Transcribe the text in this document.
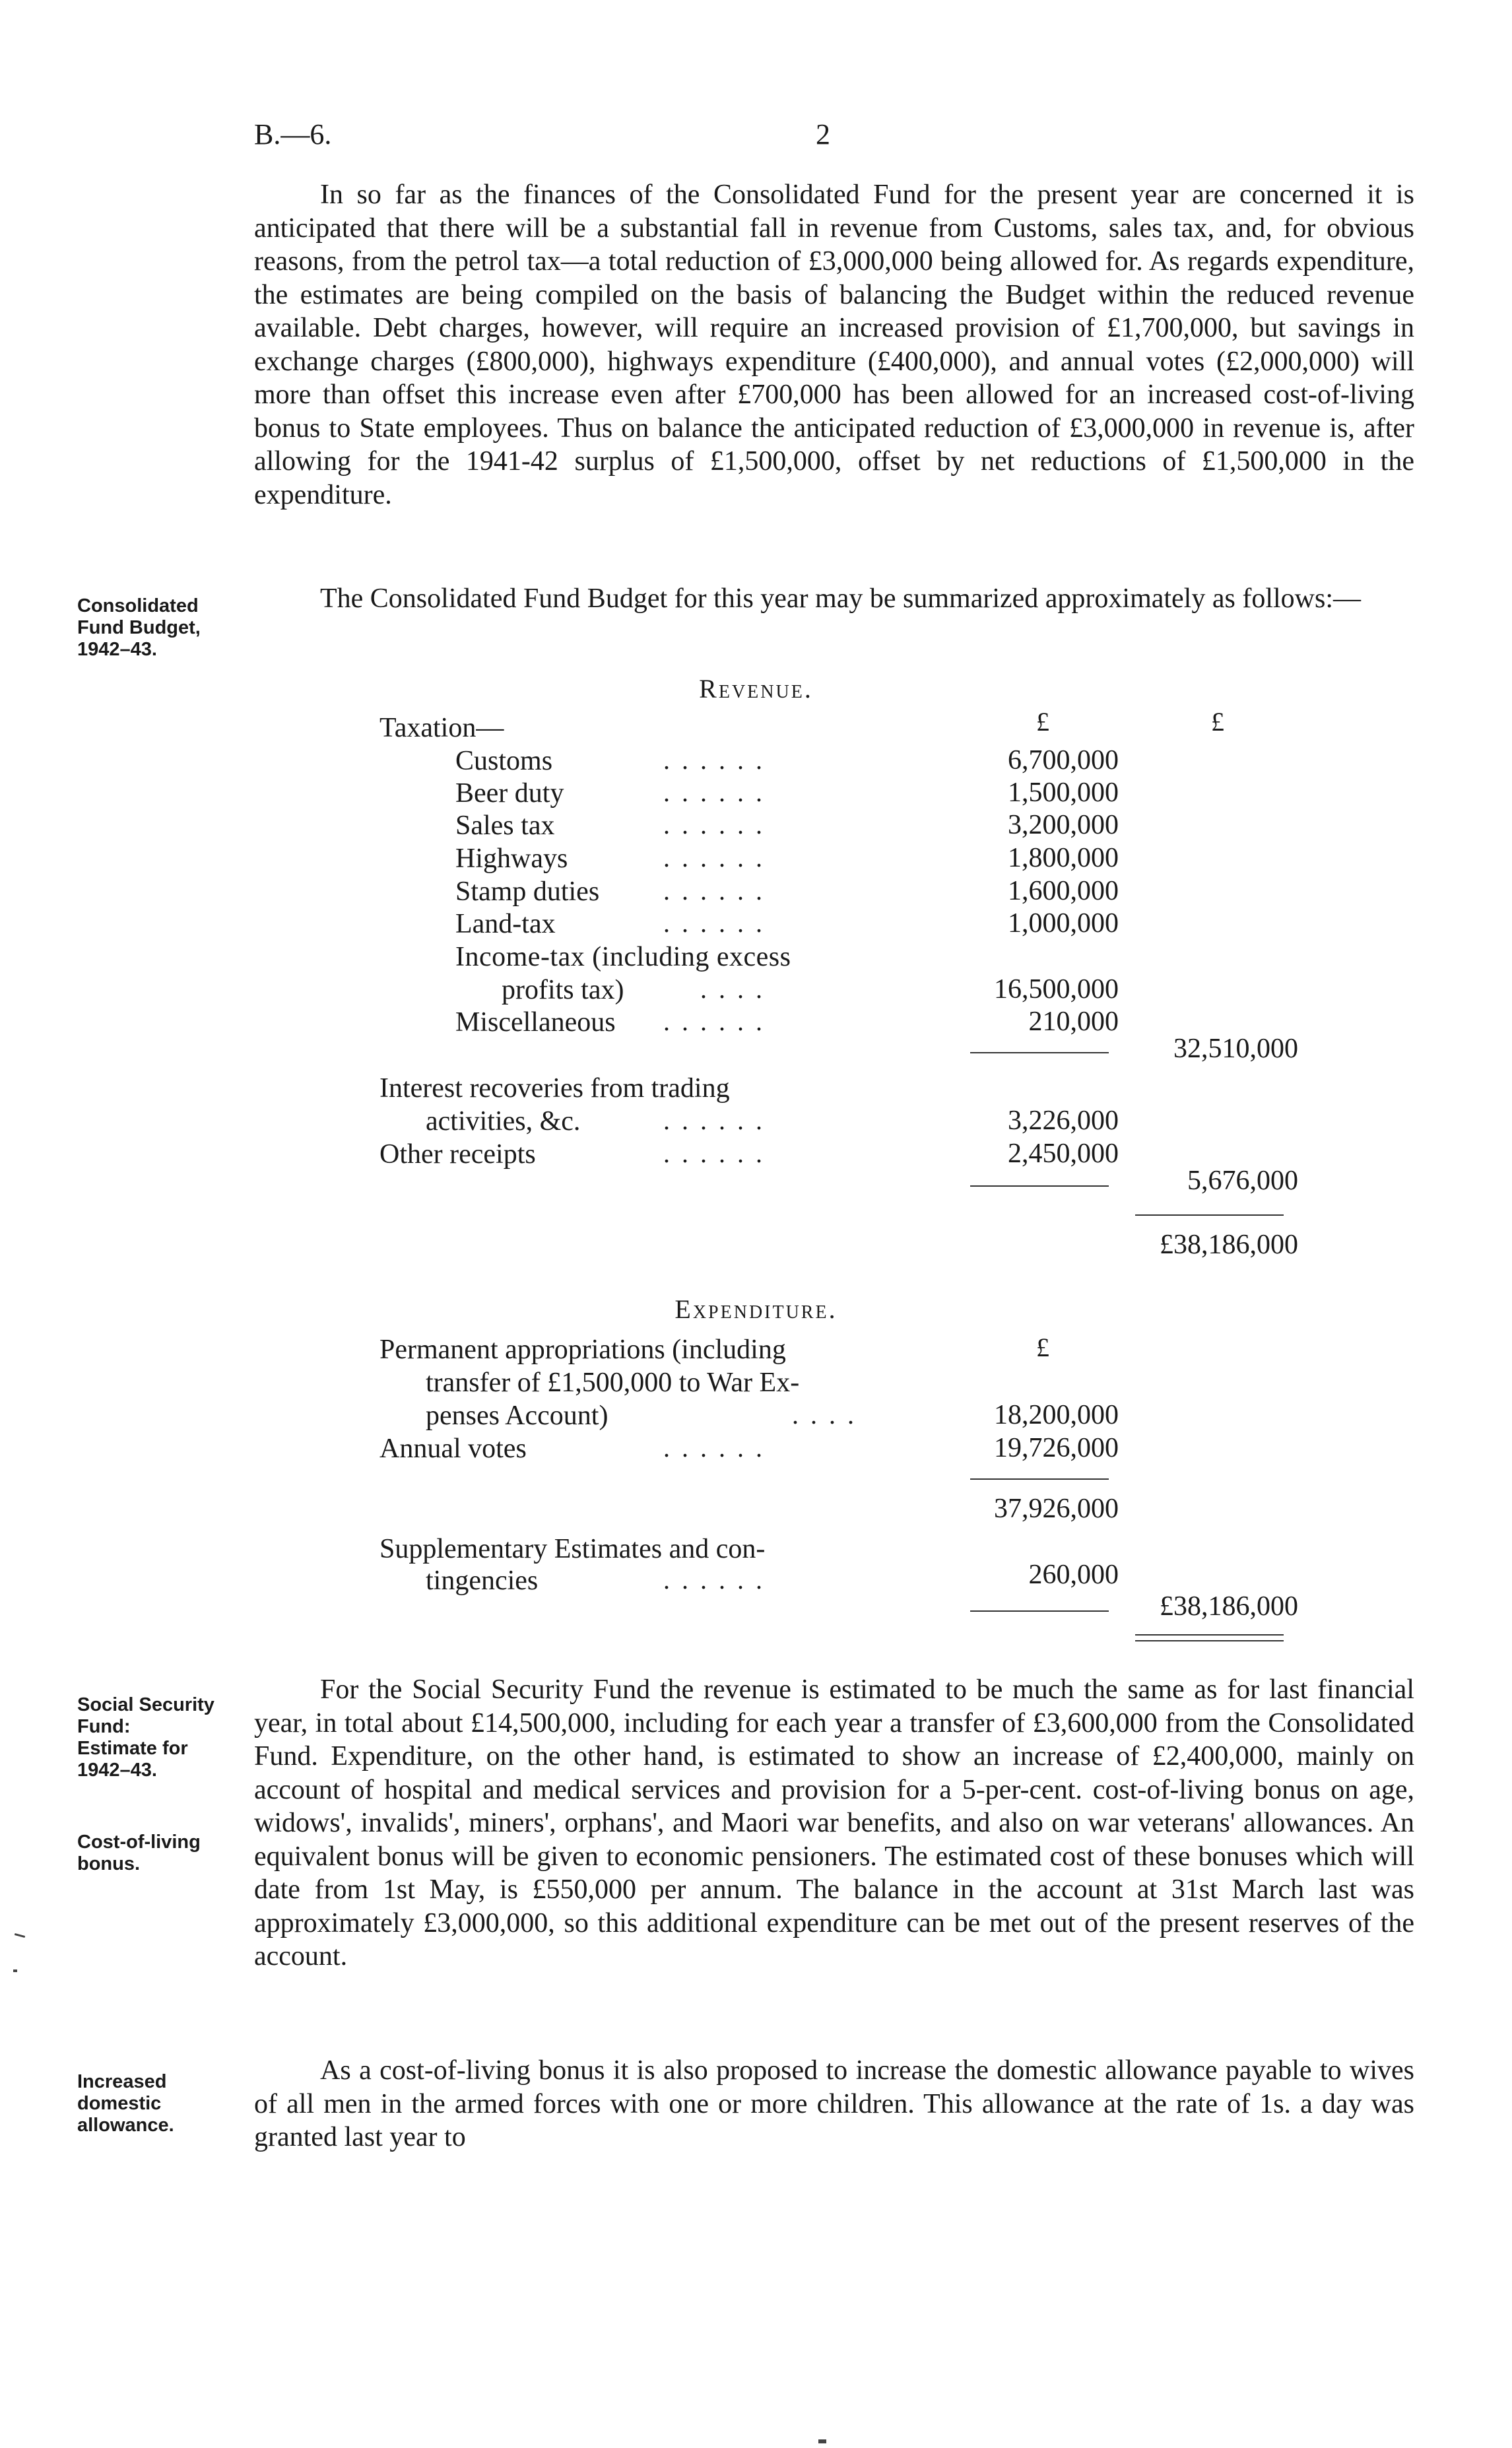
B.—6.	2

In so far as the finances of the Consolidated Fund for the present year are concerned it is anticipated that there will be a substantial fall in revenue from Customs, sales tax, and, for obvious reasons, from the petrol tax—a total reduction of £3,000,000 being allowed for. As regards expenditure, the estimates are being compiled on the basis of balancing the Budget within the reduced revenue available. Debt charges, however, will require an increased provision of £1,700,000, but savings in exchange charges (£800,000), highways expenditure (£400,000), and annual votes (£2,000,000) will more than offset this increase even after £700,000 has been allowed for an increased cost-of-living bonus to State employees. Thus on balance the anticipated reduction of £3,000,000 in revenue is, after allowing for the 1941-42 surplus of £1,500,000, offset by net reductions of £1,500,000 in the expenditure.

Consolidated
Fund Budget,
1942–43.

The Consolidated Fund Budget for this year may be summarized approximately as follows:—

Revenue.
£	£
Taxation—
Customs	. . . . . .	6,700,000
Beer duty	. . . . . .	1,500,000
Sales tax	. . . . . .	3,200,000
Highways	. . . . . .	1,800,000
Stamp duties . . . . . .	1,600,000
Land-tax	. . . . . .	1,000,000
Income-tax (including excess
profits tax)	. . . .	16,500,000
Miscellaneous . . . . . .	210,000
32,510,000
Interest recoveries from trading
activities, &c.	. . . . . .	3,226,000
Other receipts	. . . . . .	2,450,000
5,676,000
£38,186,000
Expenditure.
£
Permanent appropriations (including
transfer of £1,500,000 to War Ex-
penses Account)	. . . .	18,200,000
Annual votes	. . . . . .	19,726,000
37,926,000
Supplementary Estimates and con-
tingencies	. . . . . .	260,000
£38,186,000
Social Security
Fund:
Estimate for
1942–43.
Cost-of-living
bonus.
Increased
domestic
allowance.

For the Social Security Fund the revenue is estimated to be much the same as for last financial year, in total about £14,500,000, including for each year a transfer of £3,600,000 from the Consolidated Fund. Expenditure, on the other hand, is estimated to show an increase of £2,400,000, mainly on account of hospital and medical services and provision for a 5-per-cent. cost-of-living bonus on age, widows', invalids', miners', orphans', and Maori war benefits, and also on war veterans' allowances. An equivalent bonus will be given to economic pensioners. The estimated cost of these bonuses which will date from 1st May, is £550,000 per annum. The balance in the account at 31st March last was approximately £3,000,000, so this additional expenditure can be met out of the present reserves of the account.

As a cost-of-living bonus it is also proposed to increase the domestic allowance payable to wives of all men in the armed forces with one or more children. This allowance at the rate of 1s. a day was granted last year to
